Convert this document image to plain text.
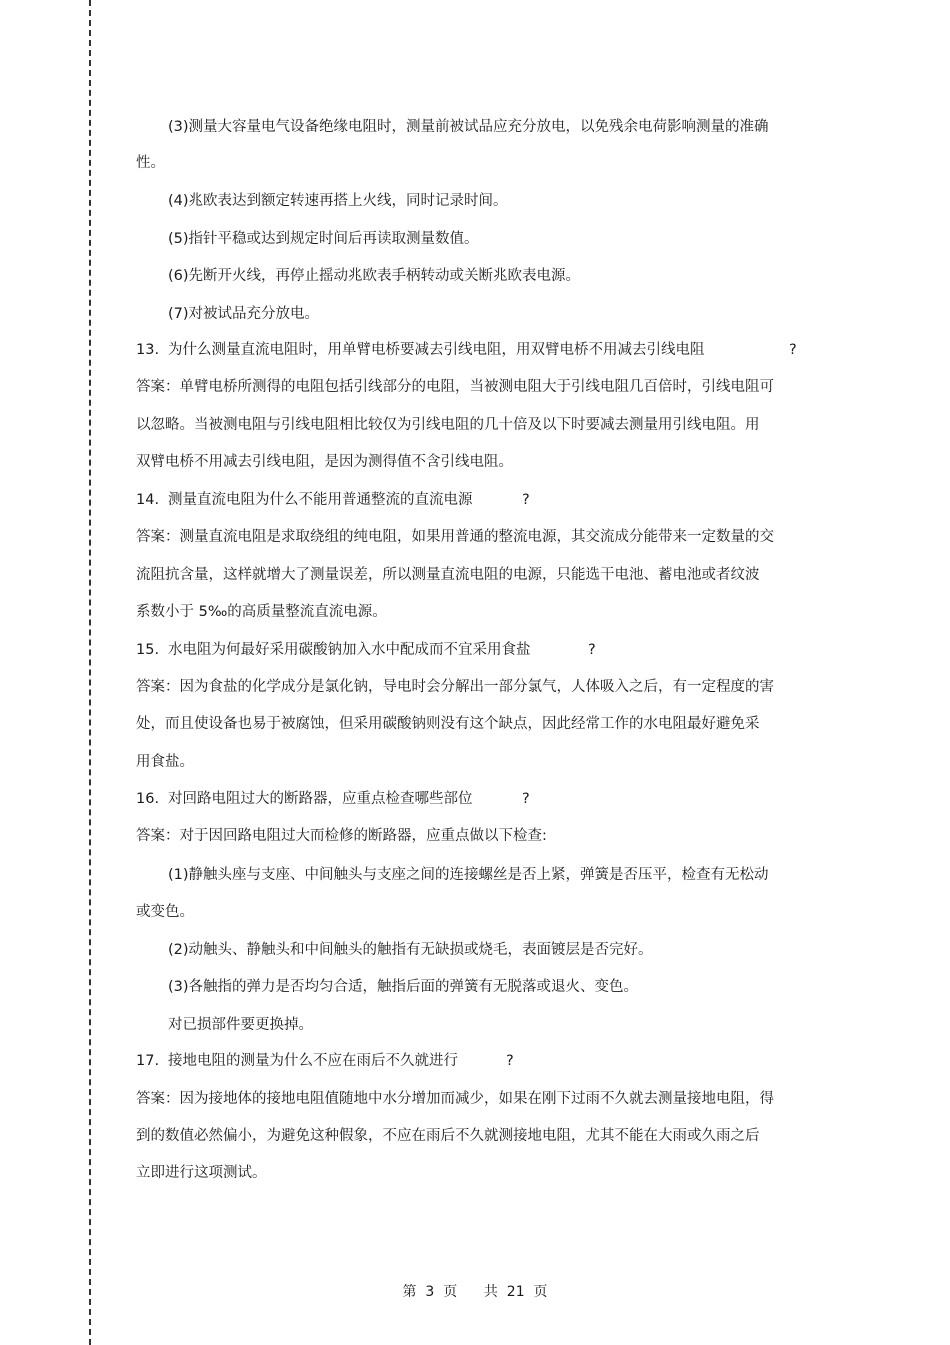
(3)测量大容量电气设备绝缘电阻时，测量前被试品应充分放电，以免残余电荷影响测量的准确
性。
(4)兆欧表达到额定转速再搭上火线，同时记录时间。
(5)指针平稳或达到规定时间后再读取测量数值。
(6)先断开火线，再停止摇动兆欧表手柄转动或关断兆欧表电源。
(7)对被试品充分放电。
13. 为什么测量直流电阻时，用单臂电桥要减去引线电阻，用双臂电桥不用减去引线电阻	?
答案：单臂电桥所测得的电阻包括引线部分的电阻，当被测电阻大于引线电阻几百倍时，引线电阻可
以忽略。当被测电阻与引线电阻相比较仅为引线电阻的几十倍及以下时要减去测量用引线电阻。用
双臂电桥不用减去引线电阻，是因为测得值不含引线电阻。
14. 测量直流电阻为什么不能用普通整流的直流电源	?
答案：测量直流电阻是求取绕组的纯电阻，如果用普通的整流电源，其交流成分能带来一定数量的交
流阻抗含量，这样就增大了测量误差，所以测量直流电阻的电源，只能选干电池、蓄电池或者纹波
系数小于 5‰的高质量整流直流电源。
15. 水电阻为何最好采用碳酸钠加入水中配成而不宜采用食盐	?
答案：因为食盐的化学成分是氯化钠，导电时会分解出一部分氯气，人体吸入之后，有一定程度的害
处，而且使设备也易于被腐蚀，但采用碳酸钠则没有这个缺点，因此经常工作的水电阻最好避免采
用食盐。
16. 对回路电阻过大的断路器，应重点检查哪些部位	?
答案：对于因回路电阻过大而检修的断路器，应重点做以下检查:
(1)静触头座与支座、中间触头与支座之间的连接螺丝是否上紧，弹簧是否压平，检查有无松动
或变色。
(2)动触头、静触头和中间触头的触指有无缺损或烧毛，表面镀层是否完好。
(3)各触指的弹力是否均匀合适，触指后面的弹簧有无脱落或退火、变色。
对已损部件要更换掉。
17. 接地电阻的测量为什么不应在雨后不久就进行	?
答案：因为接地体的接地电阻值随地中水分增加而减少，如果在刚下过雨不久就去测量接地电阻，得
到的数值必然偏小，为避免这种假象，不应在雨后不久就测接地电阻，尤其不能在大雨或久雨之后
立即进行这项测试。
第  3  页      共  21  页
